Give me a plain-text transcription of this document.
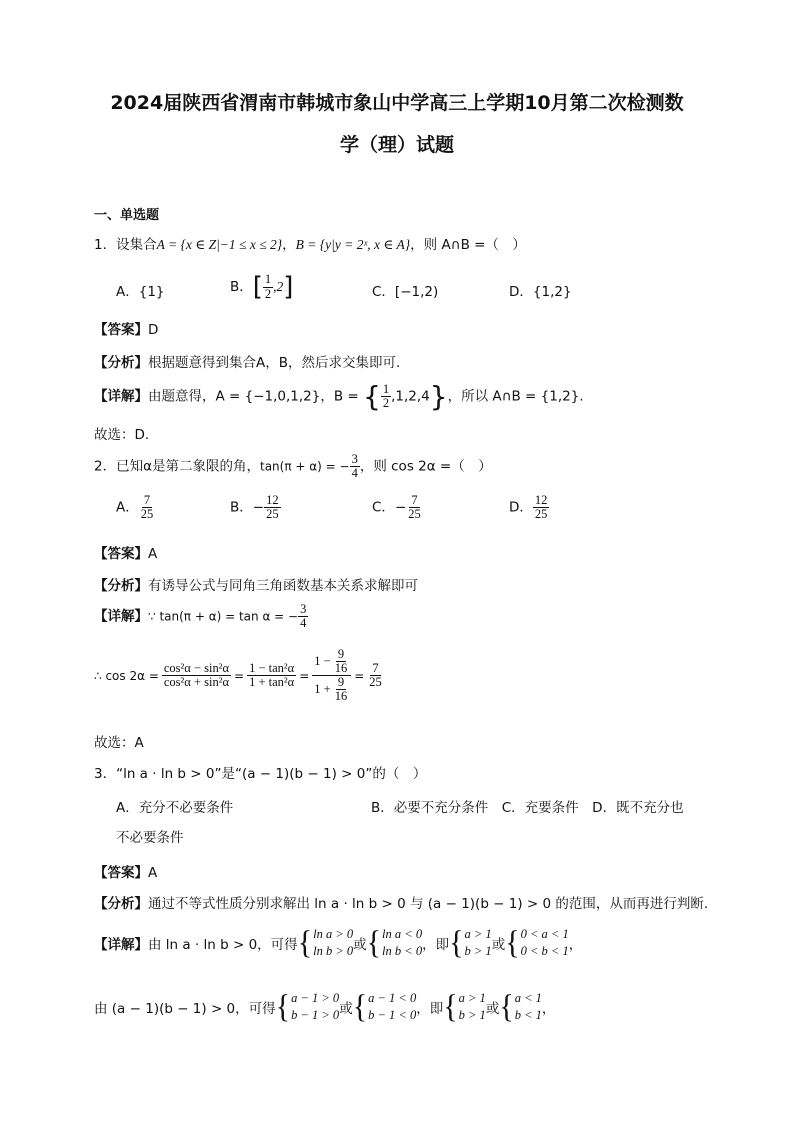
2024届陕西省渭南市韩城市象山中学高三上学期10月第二次检测数
学（理）试题
一、单选题
1．设集合A = {x ∈ Z|−1 ≤ x ≤ 2}，B = {y|y = 2ˣ, x ∈ A}，则 A∩B =（　）
A．{1}	B．[ $\frac{1}{2} ,2$]	C．[−1,2)	D．{1,2}
【答案】D
【分析】根据题意得到集合A，B，然后求交集即可.
【详解】由题意得，A = {−1,0,1,2}，B = { $\frac{1}{2} ,1,2,4$}，所以 A∩B = {1,2}.
故选：D.
2．已知α是第二象限的角，tan(π + α) = − $\frac{3}{4}$ ，则 cos 2α =（　）
A． $\frac{7}{25}$	B．− $\frac{12}{25}$	C．− $\frac{7}{25}$	D． $\frac{12}{25}$
【答案】A
【分析】有诱导公式与同角三角函数基本关系求解即可
【详解】∵ tan(π + α) = tan α = − $\frac{3}{4}$
∴ $\cos 2\alpha = \frac{\text{cos²α − sin²α}}{\text{cos²α + sin²α}} = \frac{\text{1 − tan²α}}{\text{1 + tan²α}} = \frac{1 - \frac{9}{16}}{1 + \frac{9}{16}} = \frac{7}{25}$
故选：A
3．“ln a · ln b > 0”是“(a − 1)(b − 1) > 0”的（　）
A．充分不必要条件	B．必要不充分条件　C．充要条件　D．既不充分也
不必要条件
【答案】A
【分析】通过不等式性质分别求解出 ln a · ln b > 0 与 (a − 1)(b − 1) > 0 的范围，从而再进行判断.
【详解】 由 ln a · ln b > 0，可得 { ln a > 0
ln b > 0 或 { ln a < 0
ln b < 0 ，即 { a > 1
b > 1 或 { 0 < a < 1
0 < b < 1 ，
由 (a − 1)(b − 1) > 0，可得 { a − 1 > 0
b − 1 > 0 或 { a − 1 < 0
b − 1 < 0 ，即 { a > 1
b > 1 或 { a < 1
b < 1 ，
